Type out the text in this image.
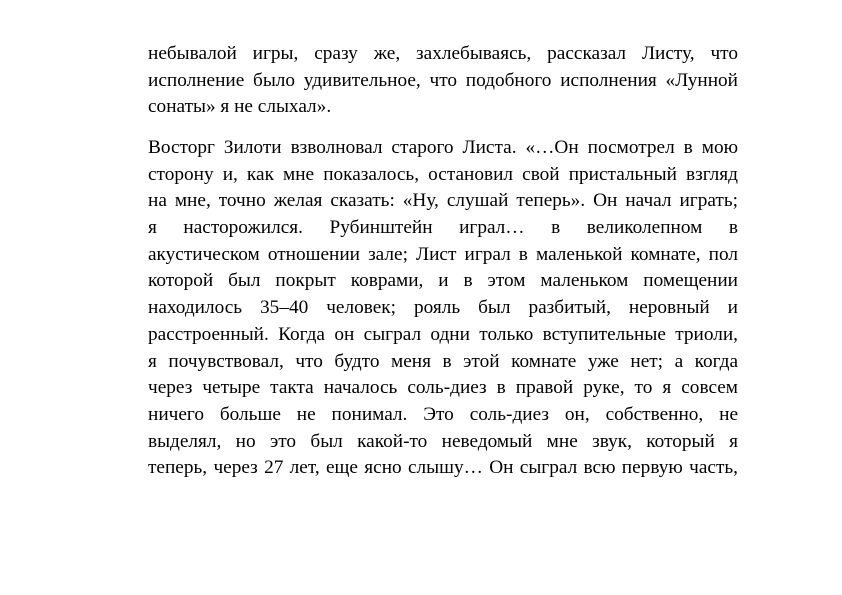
небывалой игры, сразу же, захлебываясь, рассказал Листу, что
исполнение было удивительное, что подобного исполнения «Лунной
сонаты» я не слыхал».
Восторг Зилоти взволновал старого Листа. «…Он посмотрел в мою
сторону и, как мне показалось, остановил свой пристальный взгляд
на мне, точно желая сказать: «Ну, слушай теперь». Он начал играть;
я насторожился. Рубинштейн играл… в великолепном в
акустическом отношении зале; Лист играл в маленькой комнате, пол
которой был покрыт коврами, и в этом маленьком помещении
находилось 35–40 человек; рояль был разбитый, неровный и
расстроенный. Когда он сыграл одни только вступительные триоли,
я почувствовал, что будто меня в этой комнате уже нет; а когда
через четыре такта началось соль-диез в правой руке, то я совсем
ничего больше не понимал. Это соль-диез он, собственно, не
выделял, но это был какой-то неведомый мне звук, который я
теперь, через 27 лет, еще ясно слышу… Он сыграл всю первую часть,
